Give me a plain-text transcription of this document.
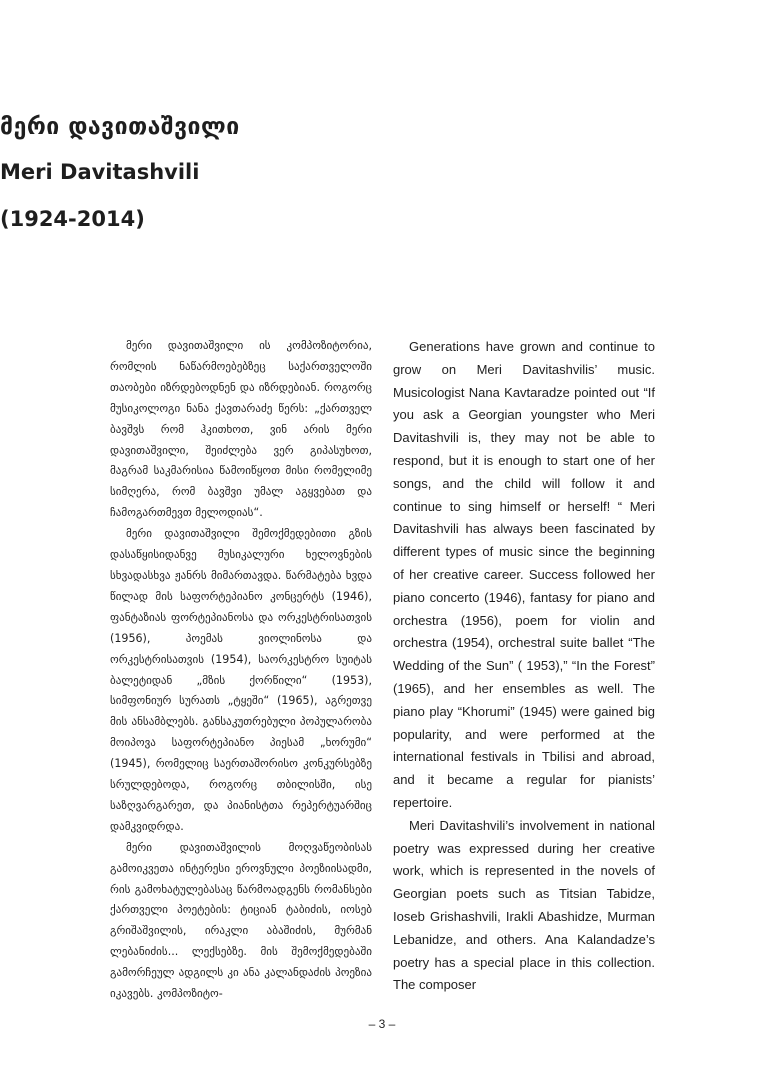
მერი დავითაშვილი
Meri Davitashvili
(1924-2014)

მერი დავითაშვილი ის კომპოზიტორია, რომლის ნაწარმოებებზეც საქართველოში თაობები იზრდებოდნენ და იზრდებიან. როგორც მუსიკოლოგი ნანა ქავთარაძე წერს: „ქართველ ბავშვს რომ ჰკითხოთ, ვინ არის მერი დავითაშვილი, შეიძლება ვერ გიპასუხოთ, მაგრამ საკმარისია წამოიწყოთ მისი რომელიმე სიმღერა, რომ ბავშვი უმალ აგყვებათ და ჩამოგართმევთ მელოდიას“.

მერი დავითაშვილი შემოქმედებითი გზის დასაწყისიდანვე მუსიკალური ხელოვნების სხვადასხვა ჟანრს მიმართავდა. წარმატება ხვდა წილად მის საფორტეპიანო კონცერტს (1946), ფანტაზიას ფორტეპიანოსა და ორკესტრისათვის (1956), პოემას ვიოლინოსა და ორკესტრისათვის (1954), საორკესტრო სუიტას ბალეტიდან „მზის ქორწილი“ (1953), სიმფონიურ სურათს „ტყეში“ (1965), აგრეთვე მის ანსამბლებს. განსაკუთრებული პოპულარობა მოიპოვა საფორტეპიანო პიესამ „ხორუმი“ (1945), რომელიც საერთაშორისო კონკურსებზე სრულდებოდა, როგორც თბილისში, ისე საზღვარგარეთ, და პიანისტთა რეპერტუარშიც დამკვიდრდა.

მერი დავითაშვილის მოღვაწეობისას გამოიკვეთა ინტერესი ეროვნული პოეზიისადმი, რის გამოხატულებასაც წარმოადგენს რომანსები ქართველი პოეტების: ტიციან ტაბიძის, იოსებ გრიშაშვილის, ირაკლი აბაშიძის, მურმან ლებანიძის... ლექსებზე. მის შემოქმედებაში გამორჩეულ ადგილს კი ანა კალანდაძის პოეზია იკავებს. კომპოზიტო-

Generations have grown and continue to grow on Meri Davitashvilis’ music. Musicologist Nana Kavtaradze pointed out “If you ask a Georgian youngster who Meri Davitashvili is, they may not be able to respond, but it is enough to start one of her songs, and the child will follow it and continue to sing himself or herself! “ Meri Davitashvili has always been fascinated by different types of music since the beginning of her creative career. Success followed her piano concerto (1946), fantasy for piano and orchestra (1956), poem for violin and orchestra (1954), orchestral suite ballet “The Wedding of the Sun” ( 1953),” “In the Forest” (1965), and her ensembles as well. The piano play “Khorumi” (1945) were gained big popularity, and were performed at the international festivals in Tbilisi and abroad, and it became a regular for pianists’ repertoire.

Meri Davitashvili’s involvement in national poetry was expressed during her creative work, which is represented in the novels of Georgian poets such as Titsian Tabidze, Ioseb Grishashvili, Irakli Abashidze, Murman Lebanidze, and others. Ana Kalandadze’s poetry has a special place in this collection. The composer

– 3 –
